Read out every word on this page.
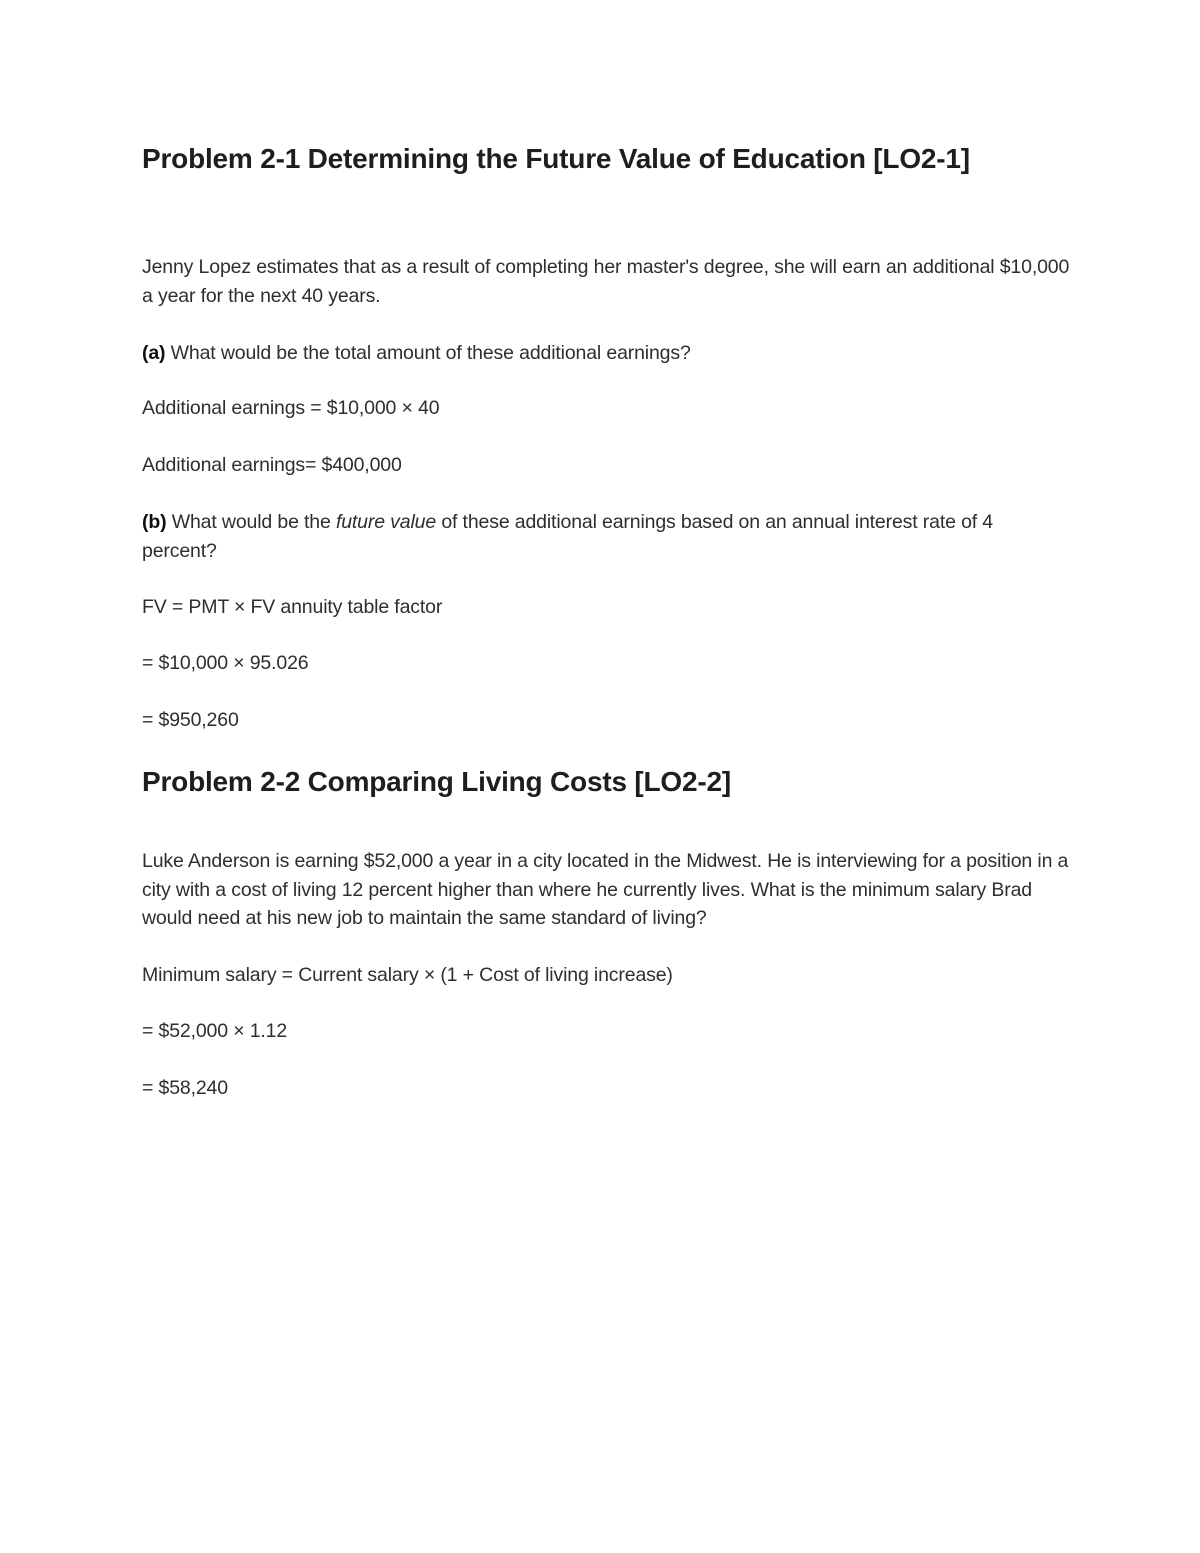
Problem 2-1 Determining the Future Value of Education [LO2-1]

Jenny Lopez estimates that as a result of completing her master's degree, she will earn an additional $10,000 a year for the next 40 years.

(a) What would be the total amount of these additional earnings?

Additional earnings = $10,000 × 40

Additional earnings= $400,000

(b) What would be the future value of these additional earnings based on an annual interest rate of 4 percent?

FV = PMT × FV annuity table factor

= $10,000 × 95.026

= $950,260

Problem 2-2 Comparing Living Costs [LO2-2]

Luke Anderson is earning $52,000 a year in a city located in the Midwest. He is interviewing for a position in a city with a cost of living 12 percent higher than where he currently lives. What is the minimum salary Brad would need at his new job to maintain the same standard of living?

Minimum salary = Current salary × (1 + Cost of living increase)

= $52,000 × 1.12

= $58,240
